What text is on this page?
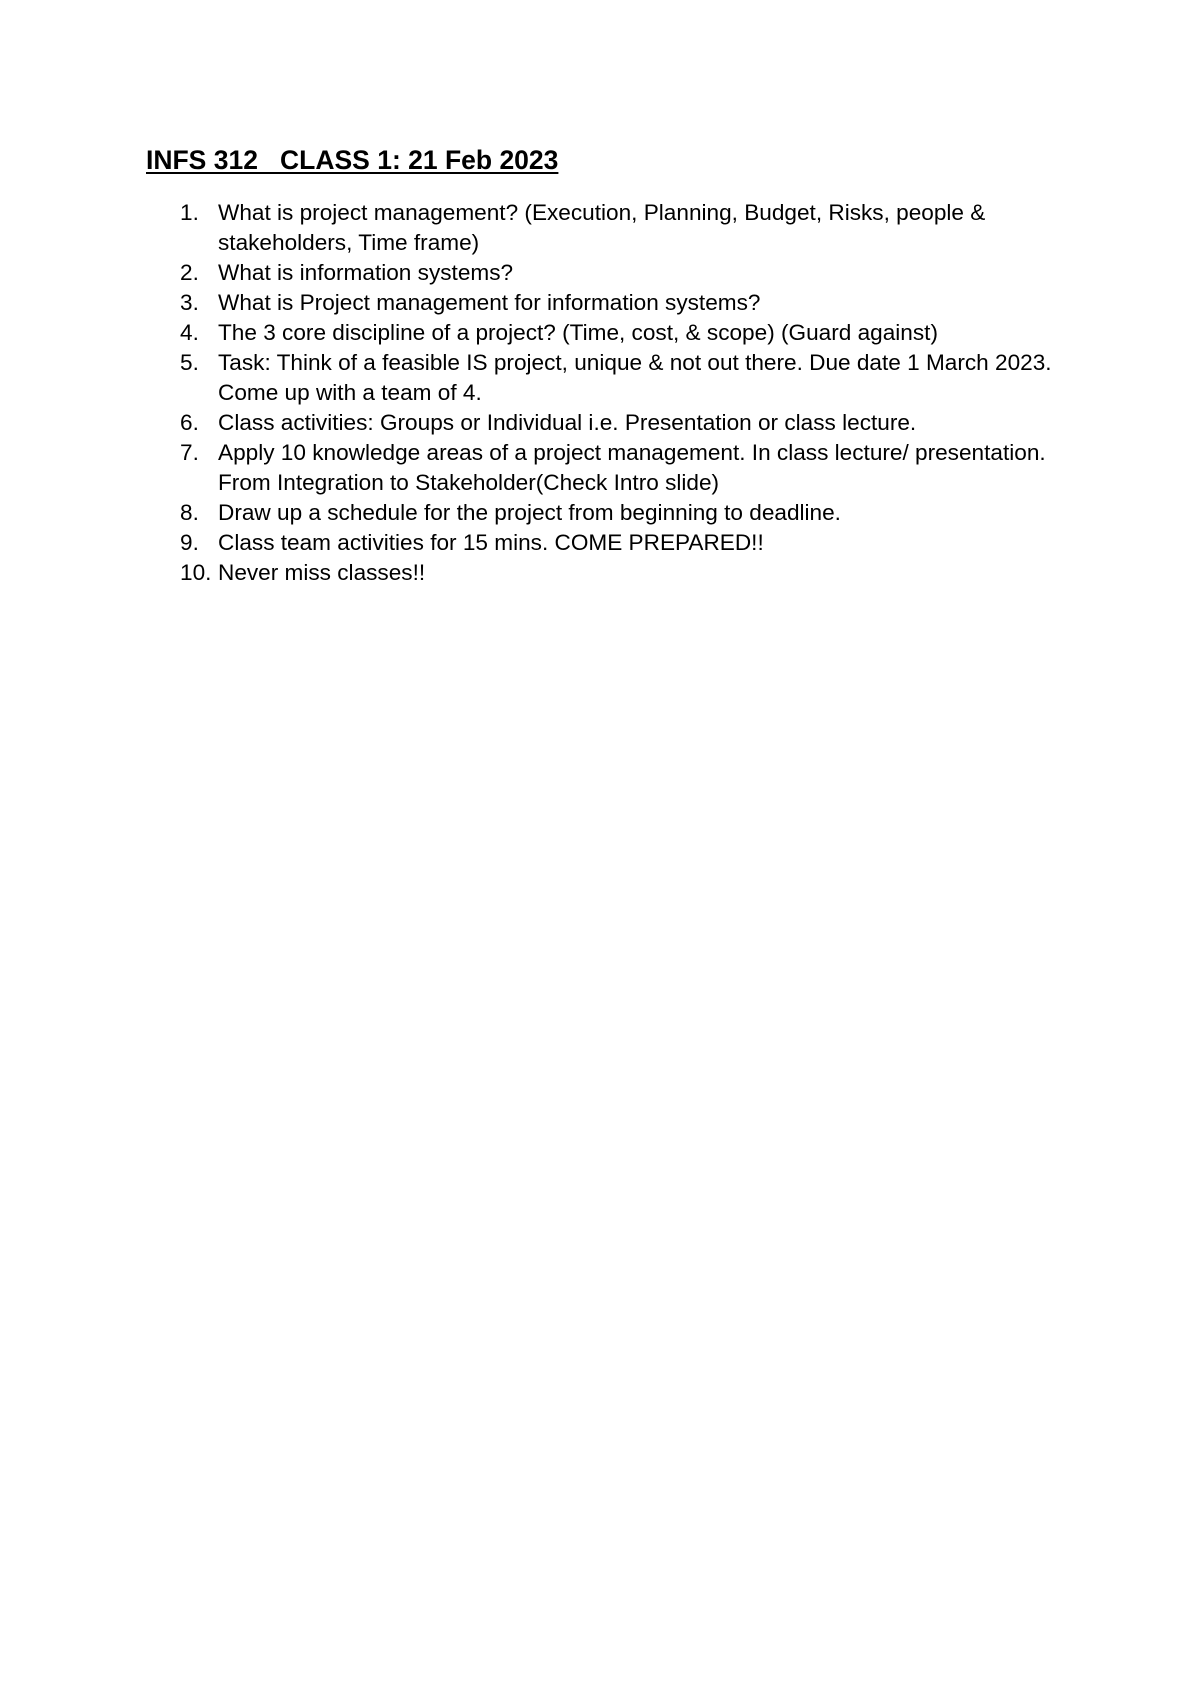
INFS 312   CLASS 1: 21 Feb 2023
1. What is project management? (Execution, Planning, Budget, Risks, people & stakeholders, Time frame)
2. What is information systems?
3. What is Project management for information systems?
4. The 3 core discipline of a project? (Time, cost, & scope) (Guard against)
5. Task: Think of a feasible IS project, unique & not out there. Due date 1 March 2023. Come up with a team of 4.
6. Class activities: Groups or Individual i.e. Presentation or class lecture.
7. Apply 10 knowledge areas of a project management. In class lecture/ presentation. From Integration to Stakeholder(Check Intro slide)
8. Draw up a schedule for the project from beginning to deadline.
9. Class team activities for 15 mins. COME PREPARED!!
10. Never miss classes!!
